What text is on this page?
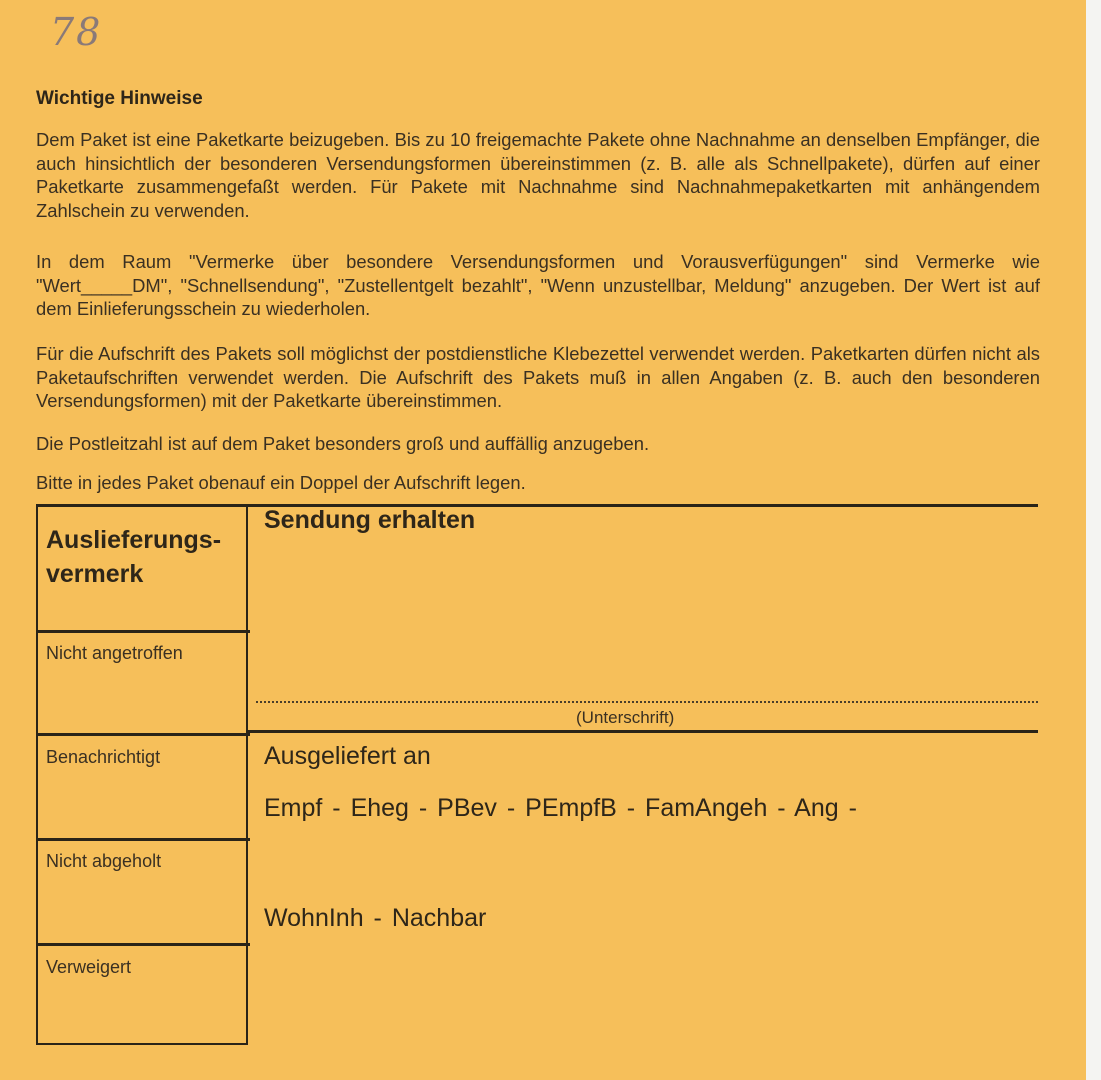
78
Wichtige Hinweise
Dem Paket ist eine Paketkarte beizugeben. Bis zu 10 freigemachte Pakete ohne Nachnahme an denselben Empfänger, die auch hinsichtlich der besonderen Versendungsformen übereinstimmen (z. B. alle als Schnellpakete), dürfen auf einer Paketkarte zusammengefaßt werden. Für Pakete mit Nachnahme sind Nachnahmepaketkarten mit anhängendem Zahlschein zu verwenden.
In dem Raum "Vermerke über besondere Versendungsformen und Vorausverfügungen" sind Vermerke wie "Wert_____DM", "Schnellsendung", "Zustellentgelt bezahlt", "Wenn unzustellbar, Meldung" anzugeben. Der Wert ist auf dem Einlieferungsschein zu wiederholen.
Für die Aufschrift des Pakets soll möglichst der postdienstliche Klebezettel verwendet werden. Paketkarten dürfen nicht als Paketaufschriften verwendet werden. Die Aufschrift des Pakets muß in allen Angaben (z. B. auch den besonderen Versendungsformen) mit der Paketkarte übereinstimmen.
Die Postleitzahl ist auf dem Paket besonders groß und auffällig anzugeben.
Bitte in jedes Paket obenauf ein Doppel der Aufschrift legen.
Auslieferungs-
vermerk
Nicht angetroffen
Benachrichtigt
Nicht abgeholt
Verweigert
Sendung erhalten
(Unterschrift)
Ausgeliefert an
Empf - Eheg - PBev - PEmpfB - FamAngeh - Ang -
WohnInh - Nachbar
